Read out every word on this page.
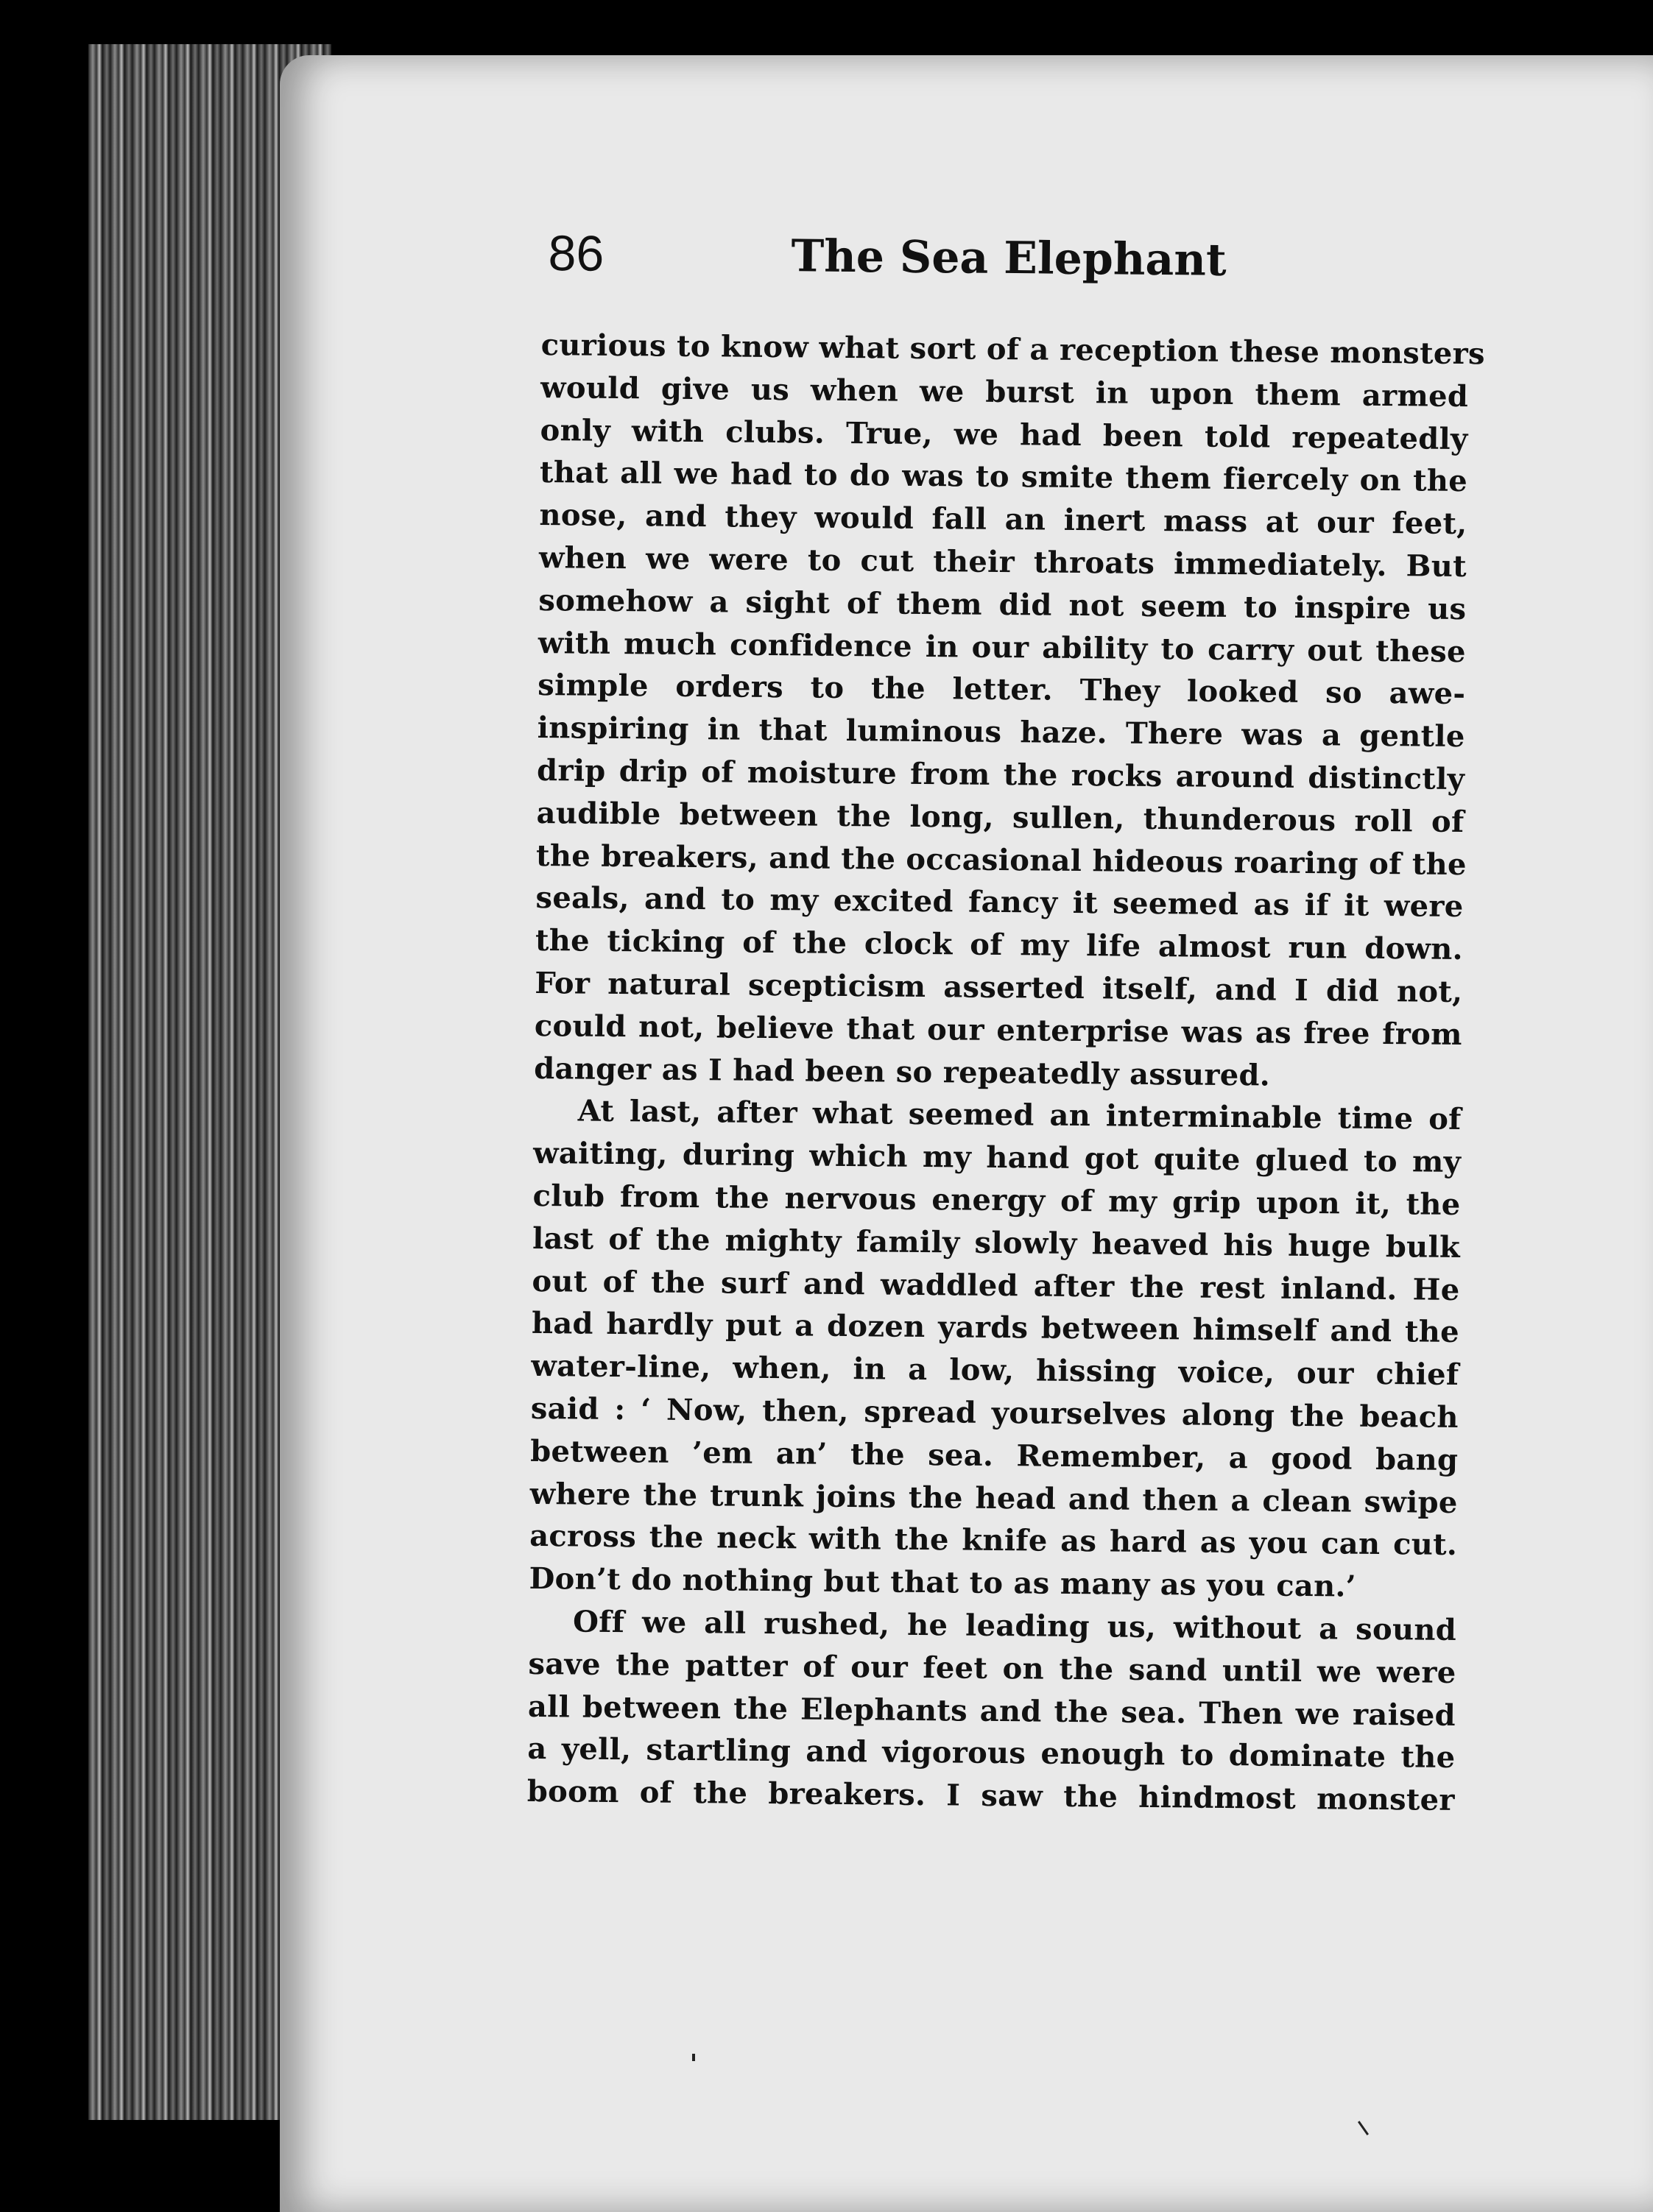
86	The Sea Elephant
curious to know what sort of a reception these monsters
would give us when we burst in upon them armed
only with clubs. True, we had been told repeatedly
that all we had to do was to smite them fiercely on the
nose, and they would fall an inert mass at our feet,
when we were to cut their throats immediately. But
somehow a sight of them did not seem to inspire us
with much confidence in our ability to carry out these
simple orders to the letter. They looked so awe-
inspiring in that luminous haze. There was a gentle
drip drip of moisture from the rocks around distinctly
audible between the long, sullen, thunderous roll of
the breakers, and the occasional hideous roaring of the
seals, and to my excited fancy it seemed as if it were
the ticking of the clock of my life almost run down.
For natural scepticism asserted itself, and I did not,
could not, believe that our enterprise was as free from
danger as I had been so repeatedly assured.
At last, after what seemed an interminable time of
waiting, during which my hand got quite glued to my
club from the nervous energy of my grip upon it, the
last of the mighty family slowly heaved his huge bulk
out of the surf and waddled after the rest inland. He
had hardly put a dozen yards between himself and the
water-line, when, in a low, hissing voice, our chief
said : ‘ Now, then, spread yourselves along the beach
between ’em an’ the sea. Remember, a good bang
where the trunk joins the head and then a clean swipe
across the neck with the knife as hard as you can cut.
Don’t do nothing but that to as many as you can.’
Off we all rushed, he leading us, without a sound
save the patter of our feet on the sand until we were
all between the Elephants and the sea. Then we raised
a yell, startling and vigorous enough to dominate the
boom of the breakers. I saw the hindmost monster
